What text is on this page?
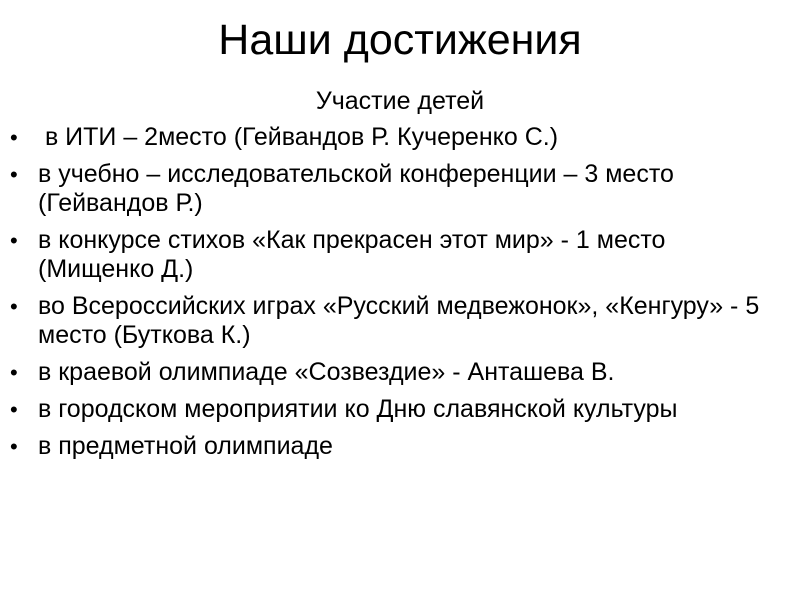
Наши достижения

Участие детей

• в ИТИ – 2место (Гейвандов Р. Кучеренко С.)
• в учебно – исследовательской конференции – 3 место (Гейвандов Р.)
• в конкурсе стихов «Как прекрасен этот мир» - 1 место (Мищенко Д.)
• во Всероссийских играх «Русский медвежонок», «Кенгуру» - 5 место (Буткова К.)
• в краевой олимпиаде «Созвездие» - Анташева В.
• в городском мероприятии ко Дню славянской культуры
• в предметной олимпиаде
